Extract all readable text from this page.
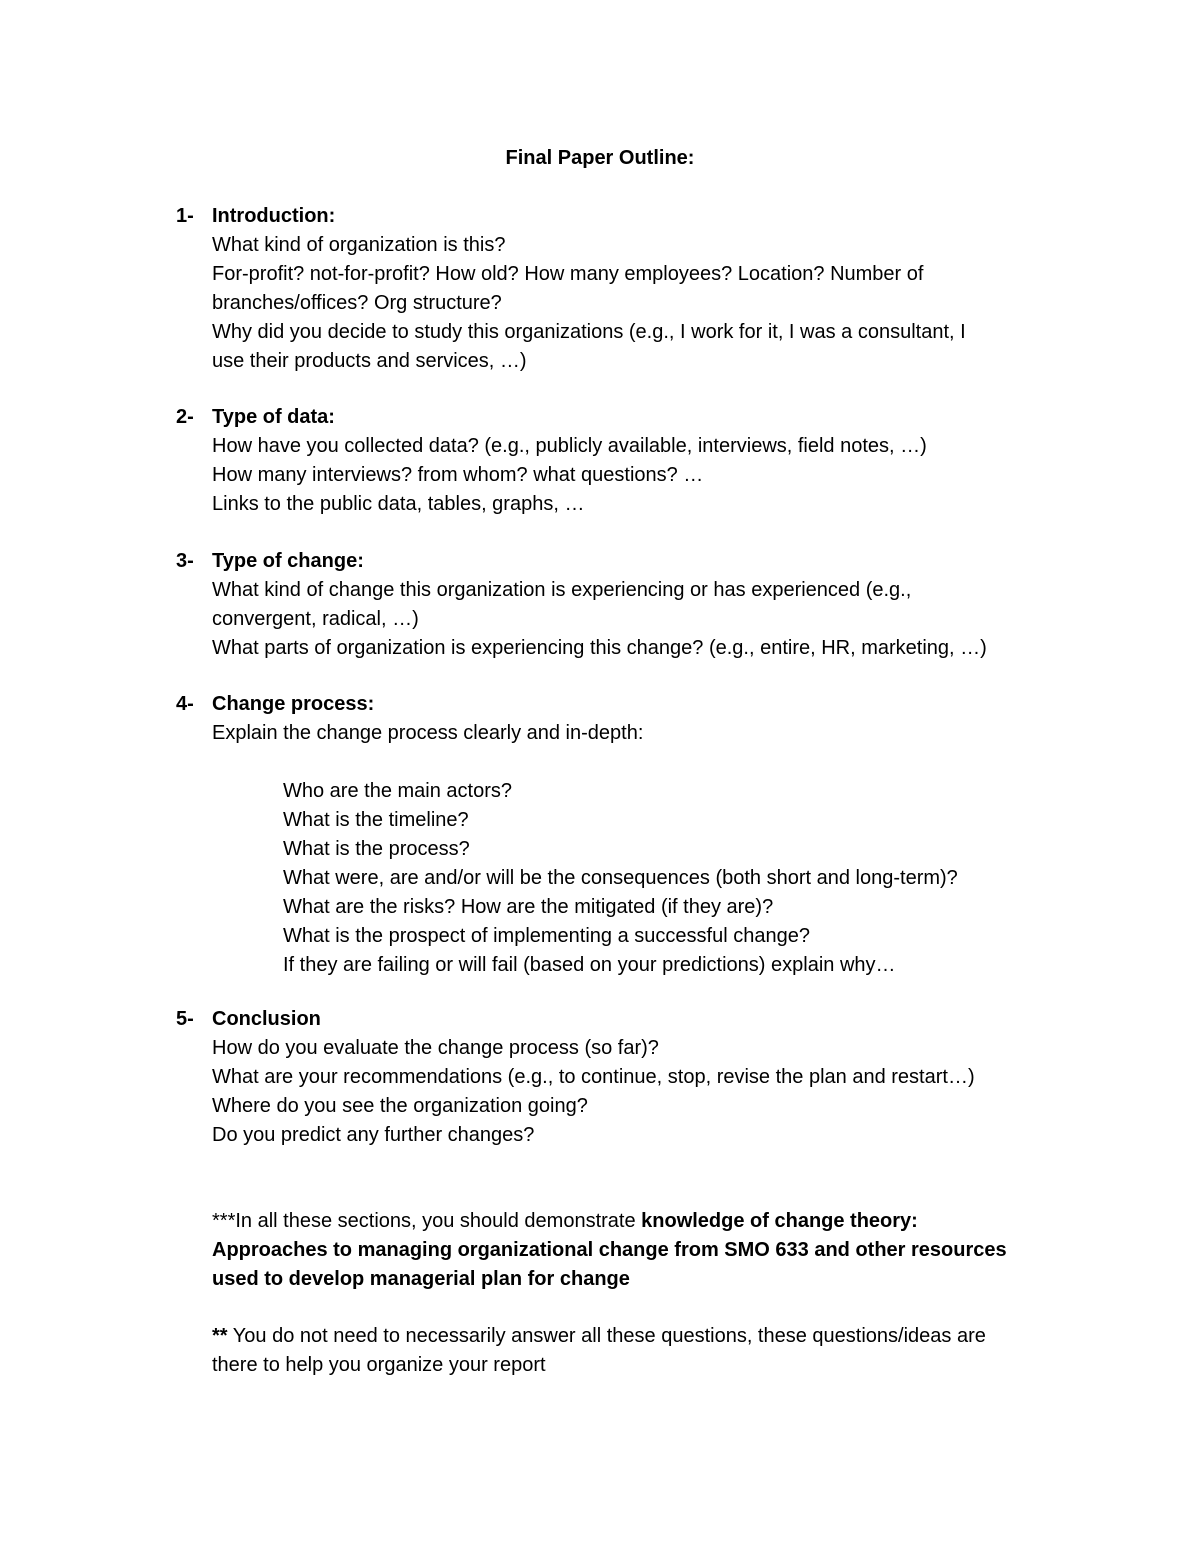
Final Paper Outline:
1- Introduction:
What kind of organization is this?
For-profit? not-for-profit? How old? How many employees? Location? Number of
branches/offices? Org structure?
Why did you decide to study this organizations (e.g., I work for it, I was a consultant, I
use their products and services, …)
2- Type of data:
How have you collected data? (e.g., publicly available, interviews, field notes, …)
How many interviews? from whom? what questions? …
Links to the public data, tables, graphs, …
3- Type of change:
What kind of change this organization is experiencing or has experienced (e.g.,
convergent, radical, …)
What parts of organization is experiencing this change? (e.g., entire, HR, marketing, …)
4- Change process:
Explain the change process clearly and in-depth:
Who are the main actors?
What is the timeline?
What is the process?
What were, are and/or will be the consequences (both short and long-term)?
What are the risks? How are the mitigated (if they are)?
What is the prospect of implementing a successful change?
If they are failing or will fail (based on your predictions) explain why…
5- Conclusion
How do you evaluate the change process (so far)?
What are your recommendations (e.g., to continue, stop, revise the plan and restart…)
Where do you see the organization going?
Do you predict any further changes?
***In all these sections, you should demonstrate knowledge of change theory:
Approaches to managing organizational change from SMO 633 and other resources
used to develop managerial plan for change
** You do not need to necessarily answer all these questions, these questions/ideas are
there to help you organize your report
